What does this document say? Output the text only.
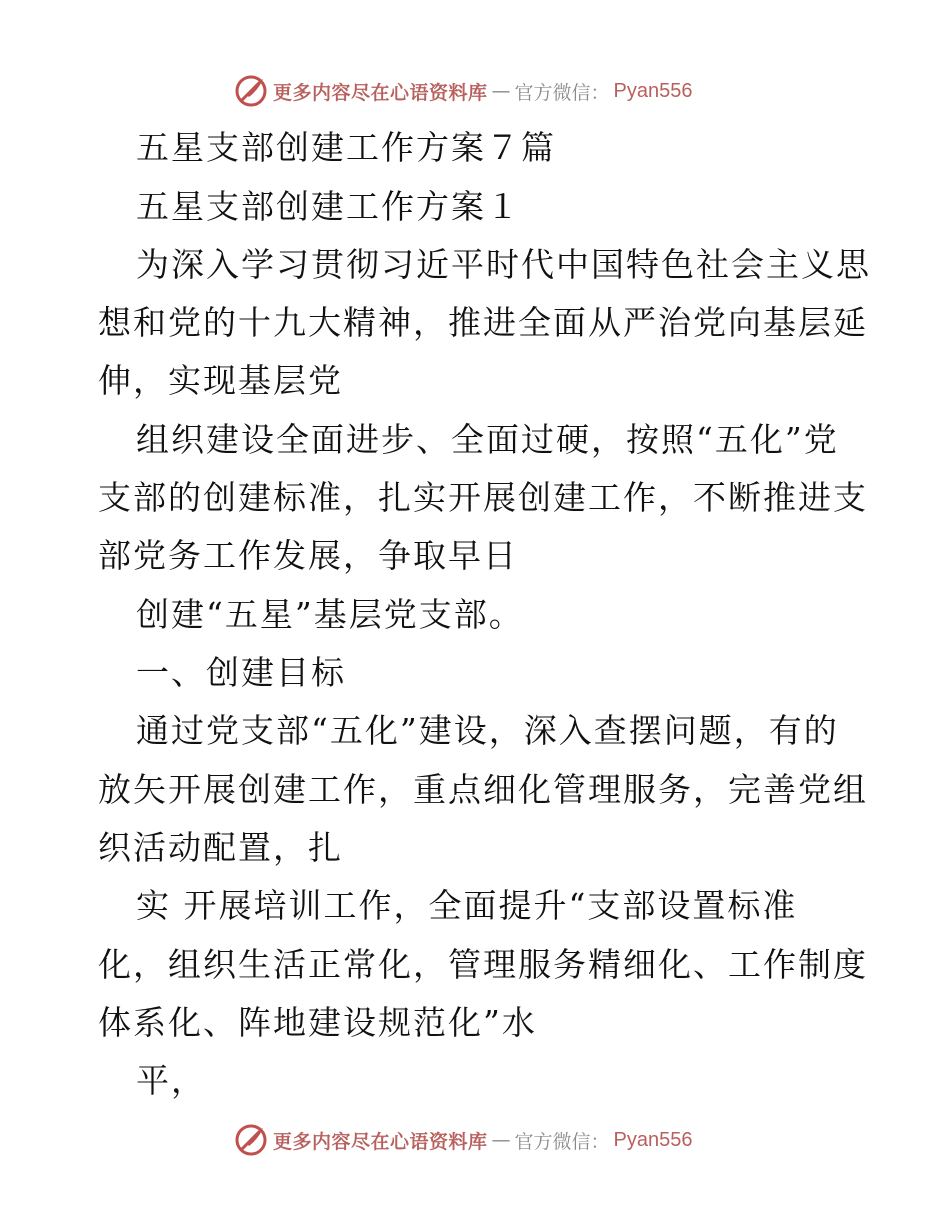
更多内容尽在心语资料库 — 官方微信： Pyan556
五星支部创建工作方案７篇
五星支部创建工作方案１
为深入学习贯彻习近平时代中国特色社会主义思
想和党的十九大精神，推进全面从严治党向基层延
伸，实现基层党
组织建设全面进步、全面过硬，按照“五化”党
支部的创建标准，扎实开展创建工作，不断推进支
部党务工作发展，争取早日
创建“五星”基层党支部。
一、创建目标
通过党支部“五化”建设，深入查摆问题，有的
放矢开展创建工作，重点细化管理服务，完善党组
织活动配置，扎
实 开展培训工作，全面提升“支部设置标准
化，组织生活正常化，管理服务精细化、工作制度
体系化、阵地建设规范化”水
平，
更多内容尽在心语资料库 — 官方微信： Pyan556
